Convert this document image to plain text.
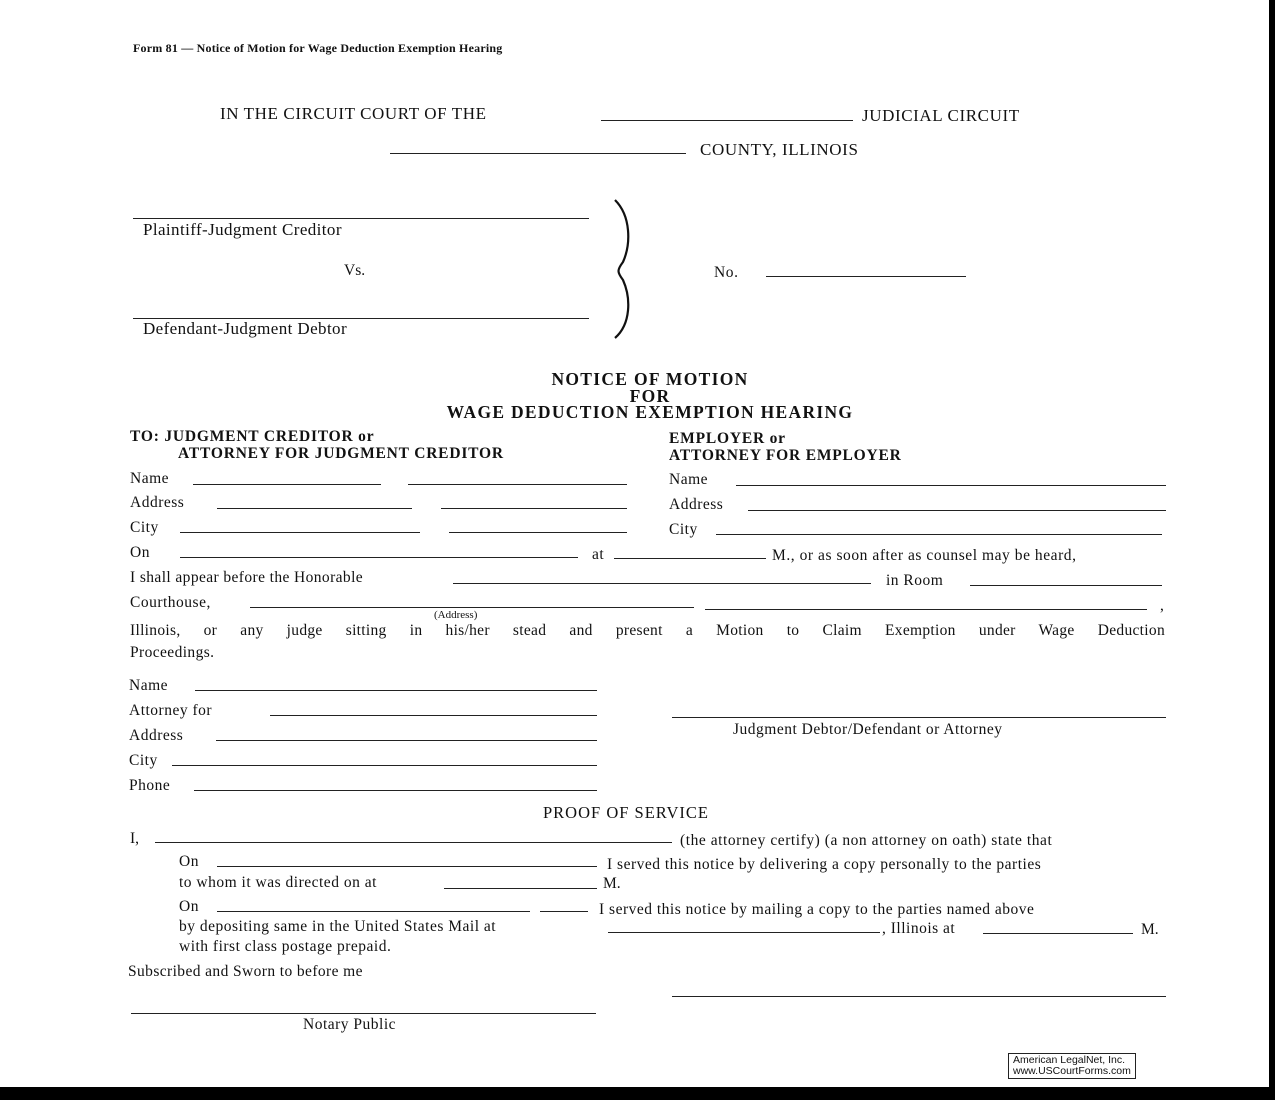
Form 81 — Notice of Motion for Wage Deduction Exemption Hearing
IN THE CIRCUIT COURT OF THE	JUDICIAL CIRCUIT
COUNTY, ILLINOIS
Plaintiff-Judgment Creditor
Vs.
Defendant-Judgment Debtor
No.
NOTICE OF MOTION
FOR
WAGE DEDUCTION EXEMPTION HEARING
TO: JUDGMENT CREDITOR or
ATTORNEY FOR JUDGMENT CREDITOR
EMPLOYER or
ATTORNEY FOR EMPLOYER
Name
Address
City
Name
Address
City
On	at	M., or as soon after as counsel may be heard,
I shall appear before the Honorable	in Room
Courthouse,	,
(Address)
Illinois, or any judge sitting in his/her stead and present a Motion to Claim Exemption under Wage Deduction
Proceedings.
Name
Attorney for
Address
City
Phone
Judgment Debtor/Defendant or Attorney
PROOF OF SERVICE
I,	(the attorney certify) (a non attorney on oath) state that
On	I served this notice by delivering a copy personally to the parties
to whom it was directed on at	M.
On	I served this notice by mailing a copy to the parties named above
by depositing same in the United States Mail at	, Illinois at	M.
with first class postage prepaid.
Subscribed and Sworn to before me
Notary Public
American LegalNet, Inc.
www.USCourtForms.com
